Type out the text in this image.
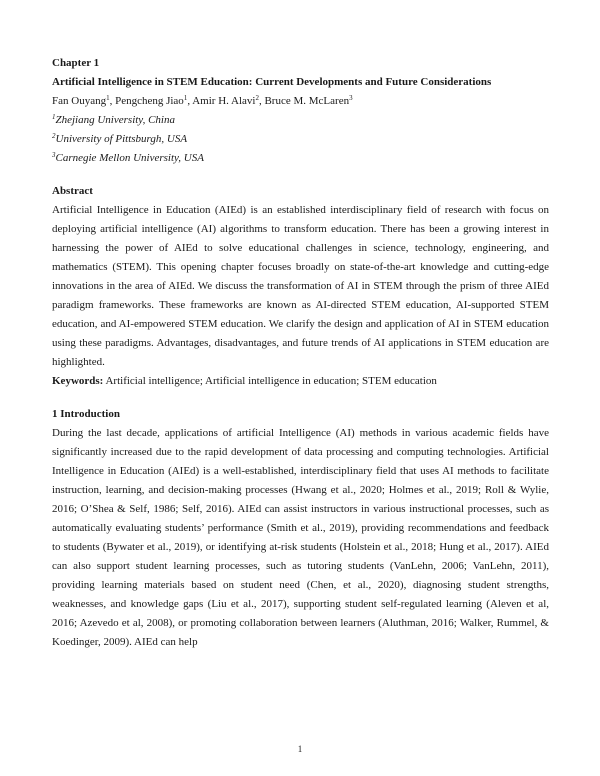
Chapter 1

Artificial Intelligence in STEM Education: Current Developments and Future Considerations

Fan Ouyang$^1$, Pengcheng Jiao$^1$, Amir H. Alavi$^2$, Bruce M. McLaren$^3$

$^1$Zhejiang University, China

$^2$University of Pittsburgh, USA

$^3$Carnegie Mellon University, USA

Abstract

Artificial Intelligence in Education (AIEd) is an established interdisciplinary field of research with focus on deploying artificial intelligence (AI) algorithms to transform education. There has been a growing interest in harnessing the power of AIEd to solve educational challenges in science, technology, engineering, and mathematics (STEM). This opening chapter focuses broadly on state-of-the-art knowledge and cutting-edge innovations in the area of AIEd. We discuss the transformation of AI in STEM through the prism of three AIEd paradigm frameworks. These frameworks are known as AI-directed STEM education, AI-supported STEM education, and AI-empowered STEM education. We clarify the design and application of AI in STEM education using these paradigms. Advantages, disadvantages, and future trends of AI applications in STEM education are highlighted.

Keywords: Artificial intelligence; Artificial intelligence in education; STEM education

1 Introduction

During the last decade, applications of artificial Intelligence (AI) methods in various academic fields have significantly increased due to the rapid development of data processing and computing technologies. Artificial Intelligence in Education (AIEd) is a well-established, interdisciplinary field that uses AI methods to facilitate instruction, learning, and decision-making processes (Hwang et al., 2020; Holmes et al., 2019; Roll & Wylie, 2016; O’Shea & Self, 1986; Self, 2016). AIEd can assist instructors in various instructional processes, such as automatically evaluating students’ performance (Smith et al., 2019), providing recommendations and feedback to students (Bywater et al., 2019), or identifying at-risk students (Holstein et al., 2018; Hung et al., 2017). AIEd can also support student learning processes, such as tutoring students (VanLehn, 2006; VanLehn, 2011), providing learning materials based on student need (Chen, et al., 2020), diagnosing student strengths, weaknesses, and knowledge gaps (Liu et al., 2017), supporting student self-regulated learning (Aleven et al, 2016; Azevedo et al, 2008), or promoting collaboration between learners (Aluthman, 2016; Walker, Rummel, & Koedinger, 2009). AIEd can help

1
